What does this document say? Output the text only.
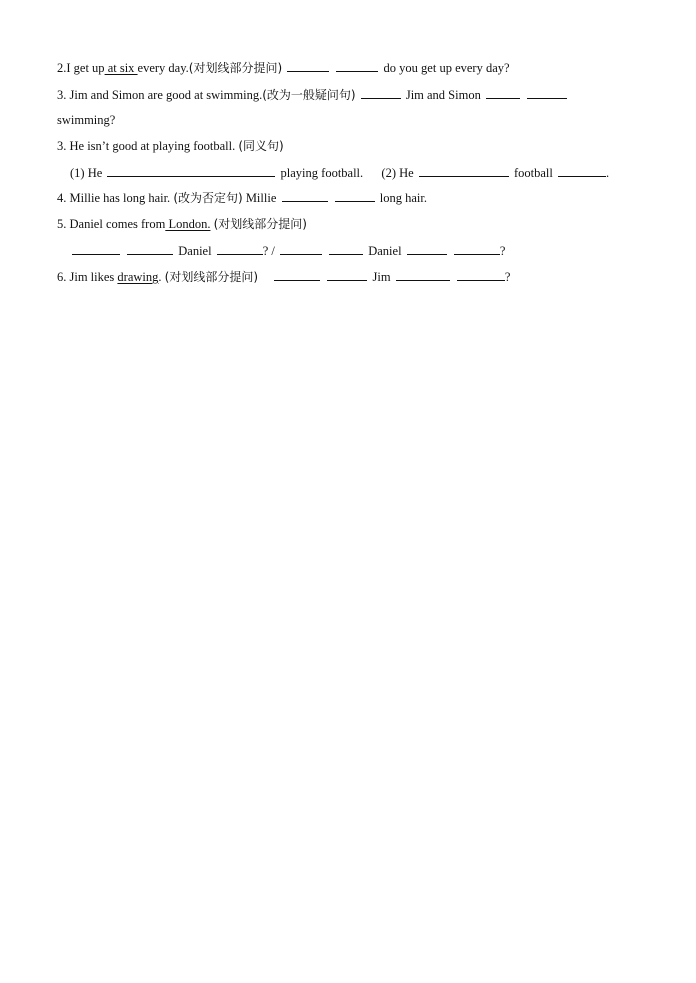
2.I get up at six every day.(对划线部分提问)	do you get up every day?
3. Jim and Simon are good at swimming.(改为一般疑问句)	Jim and Simon
swimming?
3. He isn’t good at playing football. (同义句)
(1) He	playing football. (2) He	football	.
4. Millie has long hair. (改为否定句) Millie	long hair.
5. Daniel comes from London. (对划线部分提问)
Daniel	? /	Daniel	?
6. Jim likes drawing. (对划线部分提问)	Jim	?
